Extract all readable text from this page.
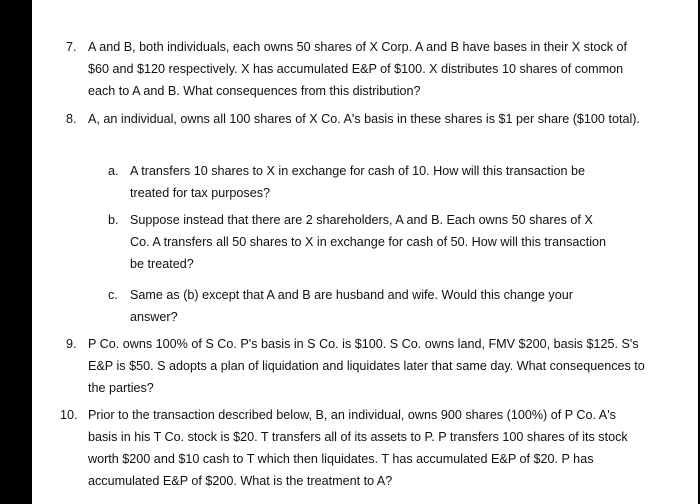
7. A and B, both individuals, each owns 50 shares of X Corp. A and B have bases in their X stock of $60 and $120 respectively. X has accumulated E&P of $100. X distributes 10 shares of common each to A and B. What consequences from this distribution?
8. A, an individual, owns all 100 shares of X Co. A's basis in these shares is $1 per share ($100 total).
a. A transfers 10 shares to X in exchange for cash of 10. How will this transaction be treated for tax purposes?
b. Suppose instead that there are 2 shareholders, A and B. Each owns 50 shares of X Co. A transfers all 50 shares to X in exchange for cash of 50. How will this transaction be treated?
c. Same as (b) except that A and B are husband and wife. Would this change your answer?
9. P Co. owns 100% of S Co. P's basis in S Co. is $100. S Co. owns land, FMV $200, basis $125. S's E&P is $50. S adopts a plan of liquidation and liquidates later that same day. What consequences to the parties?
10. Prior to the transaction described below, B, an individual, owns 900 shares (100%) of P Co. A's basis in his T Co. stock is $20. T transfers all of its assets to P. P transfers 100 shares of its stock worth $200 and $10 cash to T which then liquidates. T has accumulated E&P of $20. P has accumulated E&P of $200. What is the treatment to A?
